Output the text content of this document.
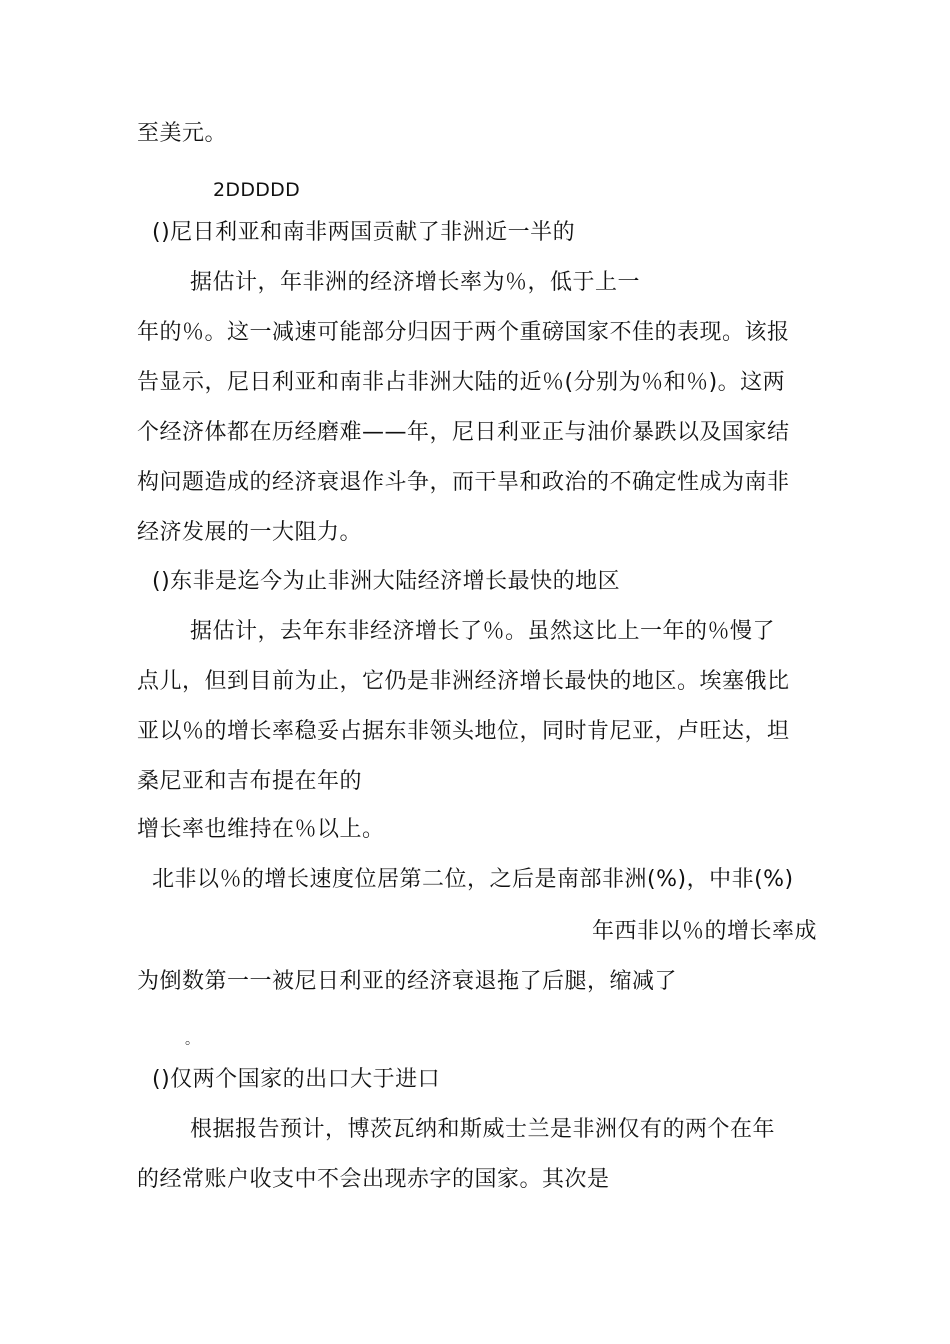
至美元。

2DDDDD

()尼日利亚和南非两国贡献了非洲近一半的

据估计，年非洲的经济增长率为％，低于上一

年的％。这一减速可能部分归因于两个重磅国家不佳的表现。该报

告显示，尼日利亚和南非占非洲大陆的近％(分别为％和％)。这两

个经济体都在历经磨难——年，尼日利亚正与油价暴跌以及国家结

构问题造成的经济衰退作斗争，而干旱和政治的不确定性成为南非

经济发展的一大阻力。

()东非是迄今为止非洲大陆经济增长最快的地区

据估计，去年东非经济增长了％。虽然这比上一年的％慢了

点儿，但到目前为止，它仍是非洲经济增长最快的地区。埃塞俄比

亚以％的增长率稳妥占据东非领头地位，同时肯尼亚，卢旺达，坦

桑尼亚和吉布提在年的

增长率也维持在％以上。

北非以％的增长速度位居第二位，之后是南部非洲(%)，中非(%)

年西非以％的增长率成

为倒数第一一被尼日利亚的经济衰退拖了后腿，缩减了

。

()仅两个国家的出口大于进口

根据报告预计，博茨瓦纳和斯威士兰是非洲仅有的两个在年

的经常账户收支中不会出现赤字的国家。其次是
